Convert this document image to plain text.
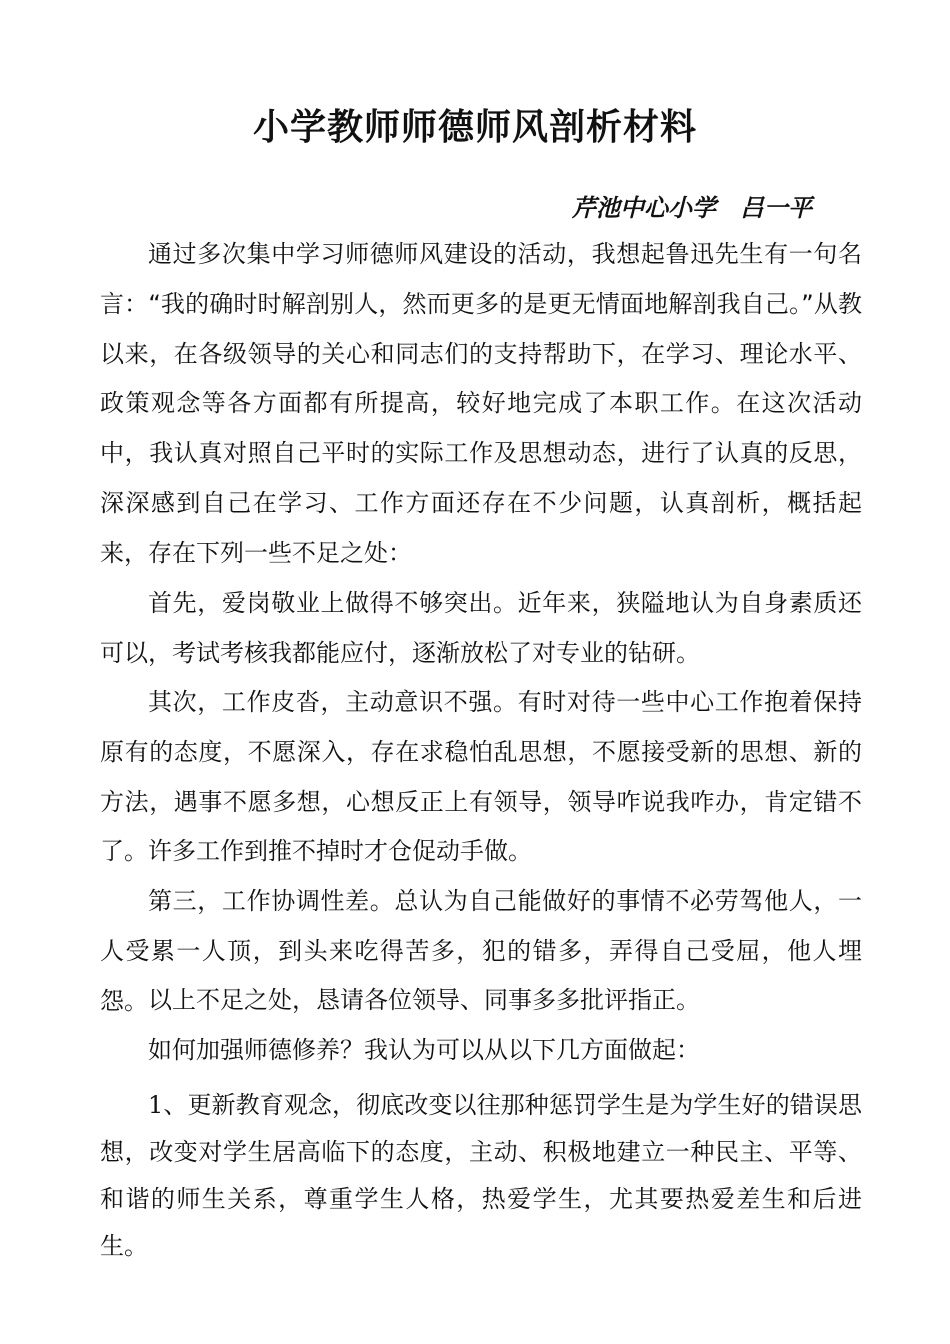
小学教师师德师风剖析材料
芹池中心小学　吕一平

通过多次集中学习师德师风建设的活动，我想起鲁迅先生有一句名言：“我的确时时解剖别人，然而更多的是更无情面地解剖我自己。”从教以来，在各级领导的关心和同志们的支持帮助下，在学习、理论水平、政策观念等各方面都有所提高，较好地完成了本职工作。在这次活动中，我认真对照自己平时的实际工作及思想动态，进行了认真的反思，深深感到自己在学习、工作方面还存在不少问题，认真剖析，概括起来，存在下列一些不足之处：

首先，爱岗敬业上做得不够突出。近年来，狭隘地认为自身素质还可以，考试考核我都能应付，逐渐放松了对专业的钻研。

其次，工作皮沓，主动意识不强。有时对待一些中心工作抱着保持原有的态度，不愿深入，存在求稳怕乱思想，不愿接受新的思想、新的方法，遇事不愿多想，心想反正上有领导，领导咋说我咋办，肯定错不了。许多工作到推不掉时才仓促动手做。

第三，工作协调性差。总认为自己能做好的事情不必劳驾他人，一人受累一人顶，到头来吃得苦多，犯的错多，弄得自己受屈，他人埋怨。 以上不足之处，恳请各位领导、同事多多批评指正。

如何加强师德修养？我认为可以从以下几方面做起：

1、更新教育观念，彻底改变以往那种惩罚学生是为学生好的错误思想，改变对学生居高临下的态度，主动、积极地建立一种民主、平等、和谐的师生关系，尊重学生人格，热爱学生，尤其要热爱差生和后进生。
